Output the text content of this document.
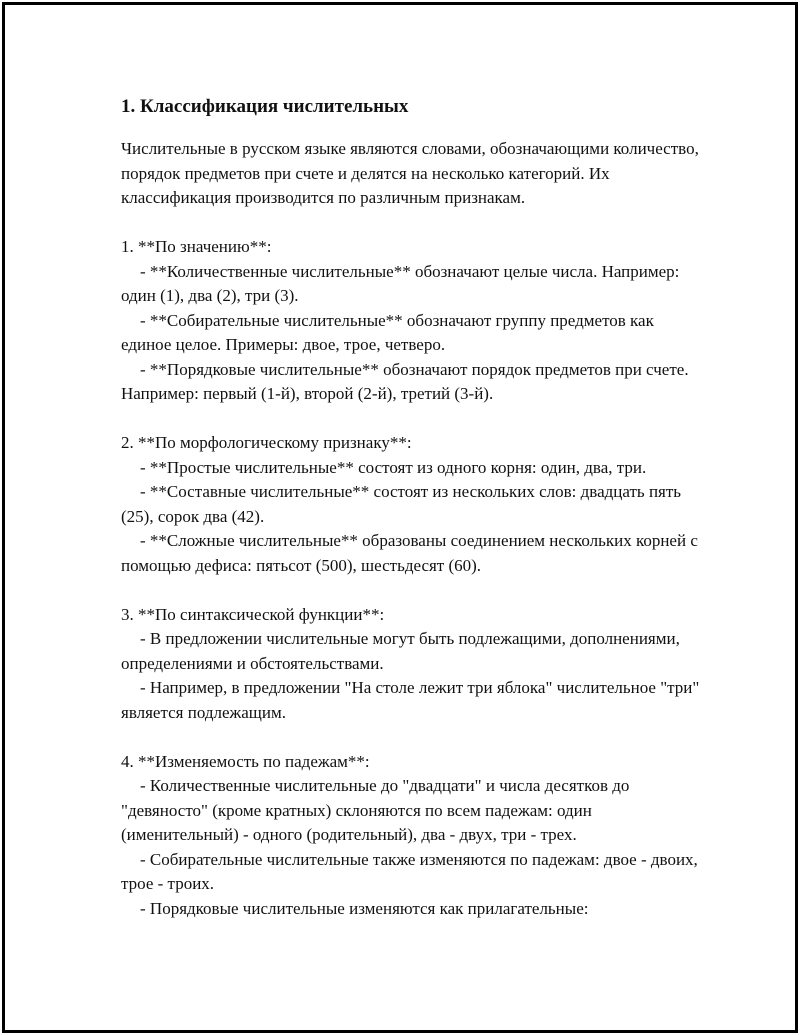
1. Классификация числительных

Числительные в русском языке являются словами, обозначающими количество, порядок предметов при счете и делятся на несколько категорий. Их классификация производится по различным признакам.

1. **По значению**:

- **Количественные числительные** обозначают целые числа. Например: один (1), два (2), три (3).

- **Собирательные числительные** обозначают группу предметов как единое целое. Примеры: двое, трое, четверо.

- **Порядковые числительные** обозначают порядок предметов при счете. Например: первый (1-й), второй (2-й), третий (3-й).

2. **По морфологическому признаку**:

- **Простые числительные** состоят из одного корня: один, два, три.

- **Составные числительные** состоят из нескольких слов: двадцать пять (25), сорок два (42).

- **Сложные числительные** образованы соединением нескольких корней с помощью дефиса: пятьсот (500), шестьдесят (60).

3. **По синтаксической функции**:

- В предложении числительные могут быть подлежащими, дополнениями, определениями и обстоятельствами.

- Например, в предложении "На столе лежит три яблока" числительное "три" является подлежащим.

4. **Изменяемость по падежам**:

- Количественные числительные до "двадцати" и числа десятков до "девяносто" (кроме кратных) склоняются по всем падежам: один (именительный) - одного (родительный), два - двух, три - трех.

- Собирательные числительные также изменяются по падежам: двое - двоих, трое - троих.

- Порядковые числительные изменяются как прилагательные:
